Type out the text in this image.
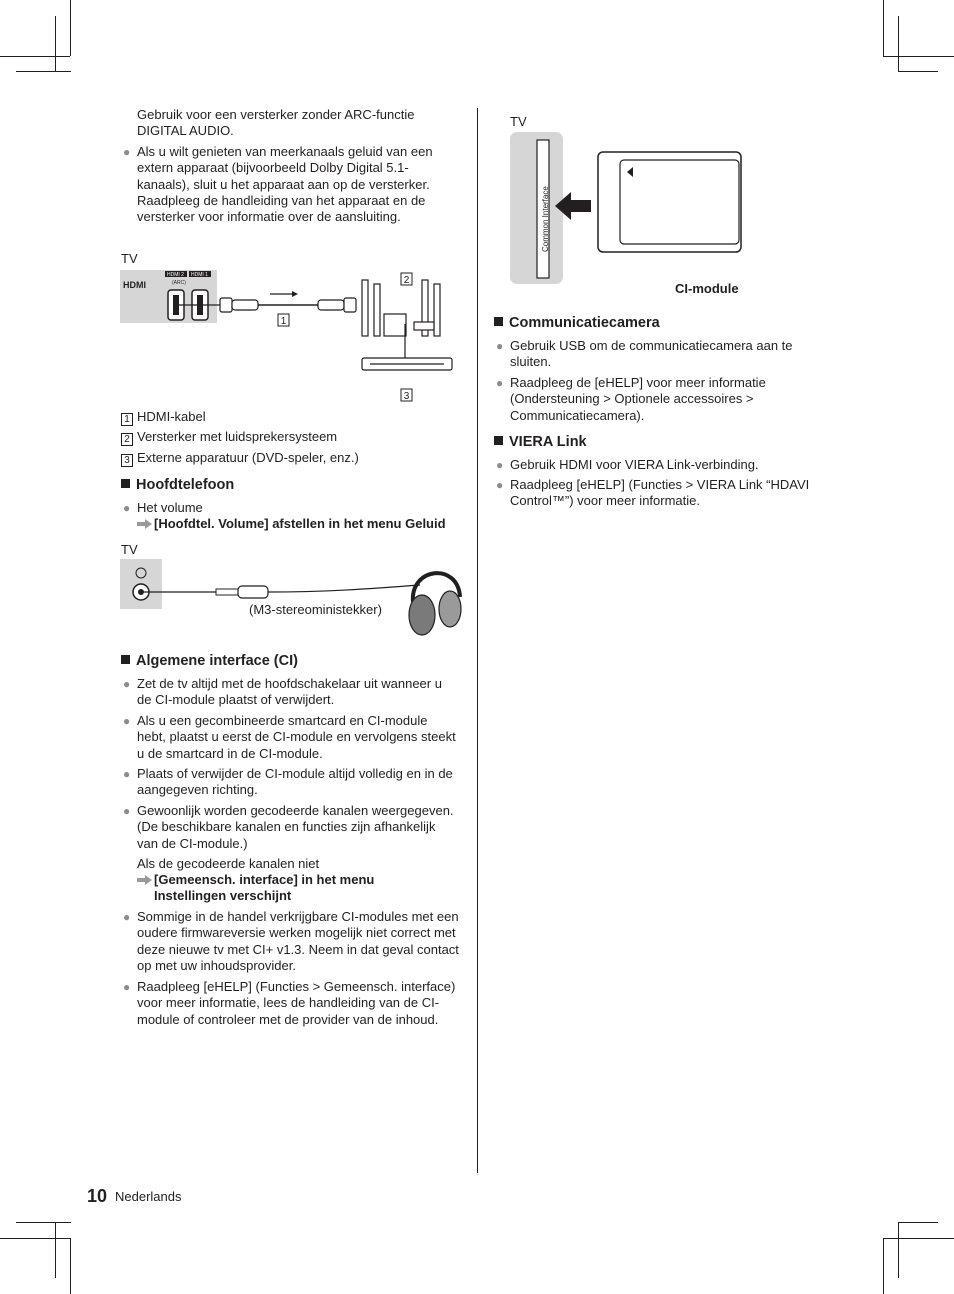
Gebruik voor een versterker zonder ARC-functie DIGITAL AUDIO.
● Als u wilt genieten van meerkanaals geluid van een extern apparaat (bijvoorbeeld Dolby Digital 5.1-kanaals), sluit u het apparaat aan op de versterker. Raadpleeg de handleiding van het apparaat en de versterker voor informatie over de aansluiting.
TV
HDMI
HDMI 2 HDMI 1
(ARC)
1
2
3
1 HDMI-kabel
2 Versterker met luidsprekersysteem
3 Externe apparatuur (DVD-speler, enz.)
Hoofdtelefoon
● Het volume
[Hoofdtel. Volume] afstellen in het menu Geluid
TV
(M3-stereoministekker)
Algemene interface (CI)
● Zet de tv altijd met de hoofdschakelaar uit wanneer u de CI-module plaatst of verwijdert.
● Als u een gecombineerde smartcard en CI-module hebt, plaatst u eerst de CI-module en vervolgens steekt u de smartcard in de CI-module.
● Plaats of verwijder de CI-module altijd volledig en in de aangegeven richting.
● Gewoonlijk worden gecodeerde kanalen weergegeven. (De beschikbare kanalen en functies zijn afhankelijk van de CI-module.)
Als de gecodeerde kanalen niet
[Gemeensch. interface] in het menu
Instellingen verschijnt
● Sommige in de handel verkrijgbare CI-modules met een oudere firmwareversie werken mogelijk niet correct met deze nieuwe tv met CI+ v1.3. Neem in dat geval contact op met uw inhoudsprovider.
● Raadpleeg [eHELP] (Functies > Gemeensch. interface) voor meer informatie, lees de handleiding van de CI-module of controleer met de provider van de inhoud.
TV
Common Interface
CI-module
Communicatiecamera
● Gebruik USB om de communicatiecamera aan te sluiten.
● Raadpleeg de [eHELP] voor meer informatie (Ondersteuning > Optionele accessoires > Communicatiecamera).
VIERA Link
● Gebruik HDMI voor VIERA Link-verbinding.
● Raadpleeg [eHELP] (Functies > VIERA Link “HDAVI Control™”) voor meer informatie.
10 Nederlands
